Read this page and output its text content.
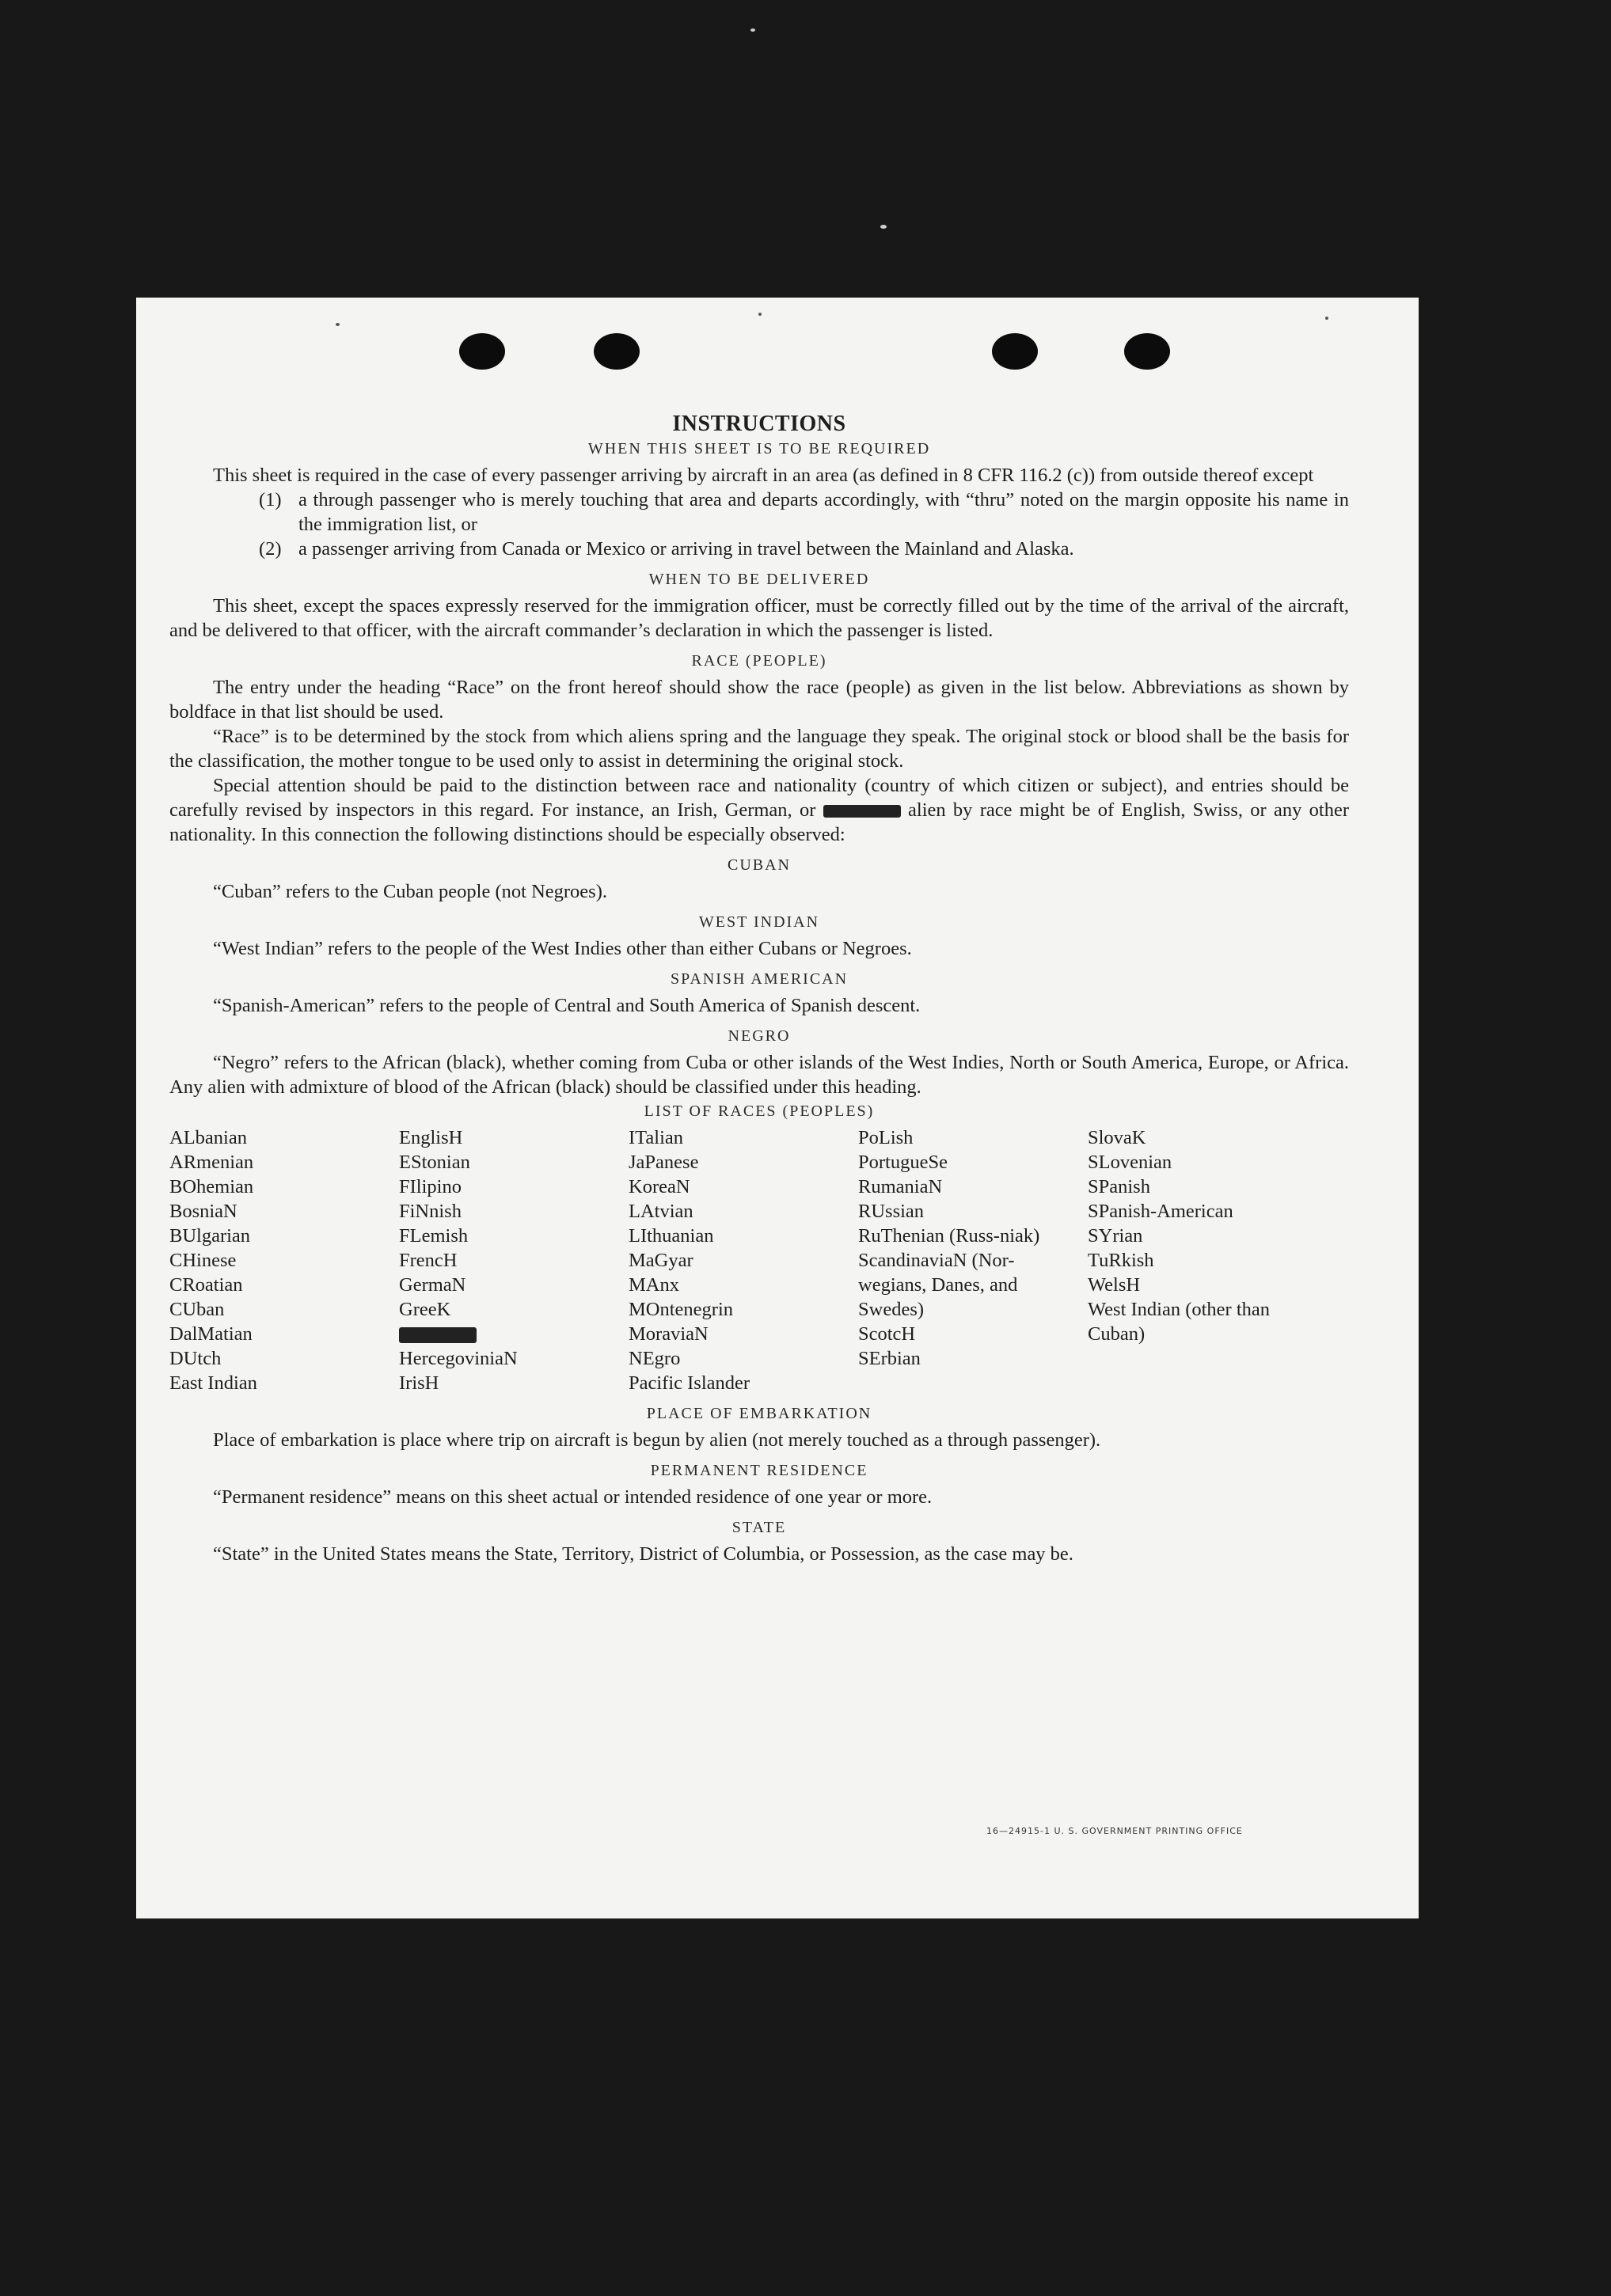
INSTRUCTIONS
WHEN THIS SHEET IS TO BE REQUIRED

This sheet is required in the case of every passenger arriving by aircraft in an area (as defined in 8 CFR 116.2 (c)) from outside thereof except

(1) a through passenger who is merely touching that area and departs accordingly, with “thru” noted on the margin opposite his name in the immigration list, or
(2) a passenger arriving from Canada or Mexico or arriving in travel between the Mainland and Alaska.
WHEN TO BE DELIVERED

This sheet, except the spaces expressly reserved for the immigration officer, must be correctly filled out by the time of the arrival of the aircraft, and be delivered to that officer, with the aircraft commander’s declaration in which the passenger is listed.

RACE (PEOPLE)

The entry under the heading “Race” on the front hereof should show the race (people) as given in the list below. Abbreviations as shown by boldface in that list should be used.

“Race” is to be determined by the stock from which aliens spring and the language they speak. The original stock or blood shall be the basis for the classification, the mother tongue to be used only to assist in determining the original stock.

Special attention should be paid to the distinction between race and nationality (country of which citizen or subject), and entries should be carefully revised by inspectors in this regard. For instance, an Irish, German, or	alien by race might be of English, Swiss, or any other nationality. In this connection the following distinctions should be especially observed:

CUBAN

“Cuban” refers to the Cuban people (not Negroes).

WEST INDIAN

“West Indian” refers to the people of the West Indies other than either Cubans or Negroes.

SPANISH AMERICAN

“Spanish-American” refers to the people of Central and South America of Spanish descent.

NEGRO

“Negro” refers to the African (black), whether coming from Cuba or other islands of the West Indies, North or South America, Europe, or Africa. Any alien with admixture of blood of the African (black) should be classified under this heading.

LIST OF RACES (PEOPLES)
ALbanian
ARmenian
BOhemian
BosniaN
BUlgarian
CHinese
CRoatian
CUban
DalMatian
DUtch
East Indian
EnglisH
EStonian
FIlipino
FiNnish
FLemish
FrencH
GermaN
GreeK
HercegoviniaN
IrisH
ITalian
JaPanese
KoreaN
LAtvian
LIthuanian
MaGyar
MAnx
MOntenegrin
MoraviaN
NEgro
Pacific Islander
PoLish
PortugueSe
RumaniaN
RUssian
RuThenian (Russ-niak)
ScandinaviaN (Nor-wegians, Danes, and Swedes)
ScotcH
SErbian
SlovaK
SLovenian
SPanish
SPanish-American
SYrian
TuRkish
WelsH
West Indian (other than Cuban)
PLACE OF EMBARKATION

Place of embarkation is place where trip on aircraft is begun by alien (not merely touched as a through passenger).

PERMANENT RESIDENCE

“Permanent residence” means on this sheet actual or intended residence of one year or more.

STATE

“State” in the United States means the State, Territory, District of Columbia, or Possession, as the case may be.

16—24915-1 U. S. GOVERNMENT PRINTING OFFICE
